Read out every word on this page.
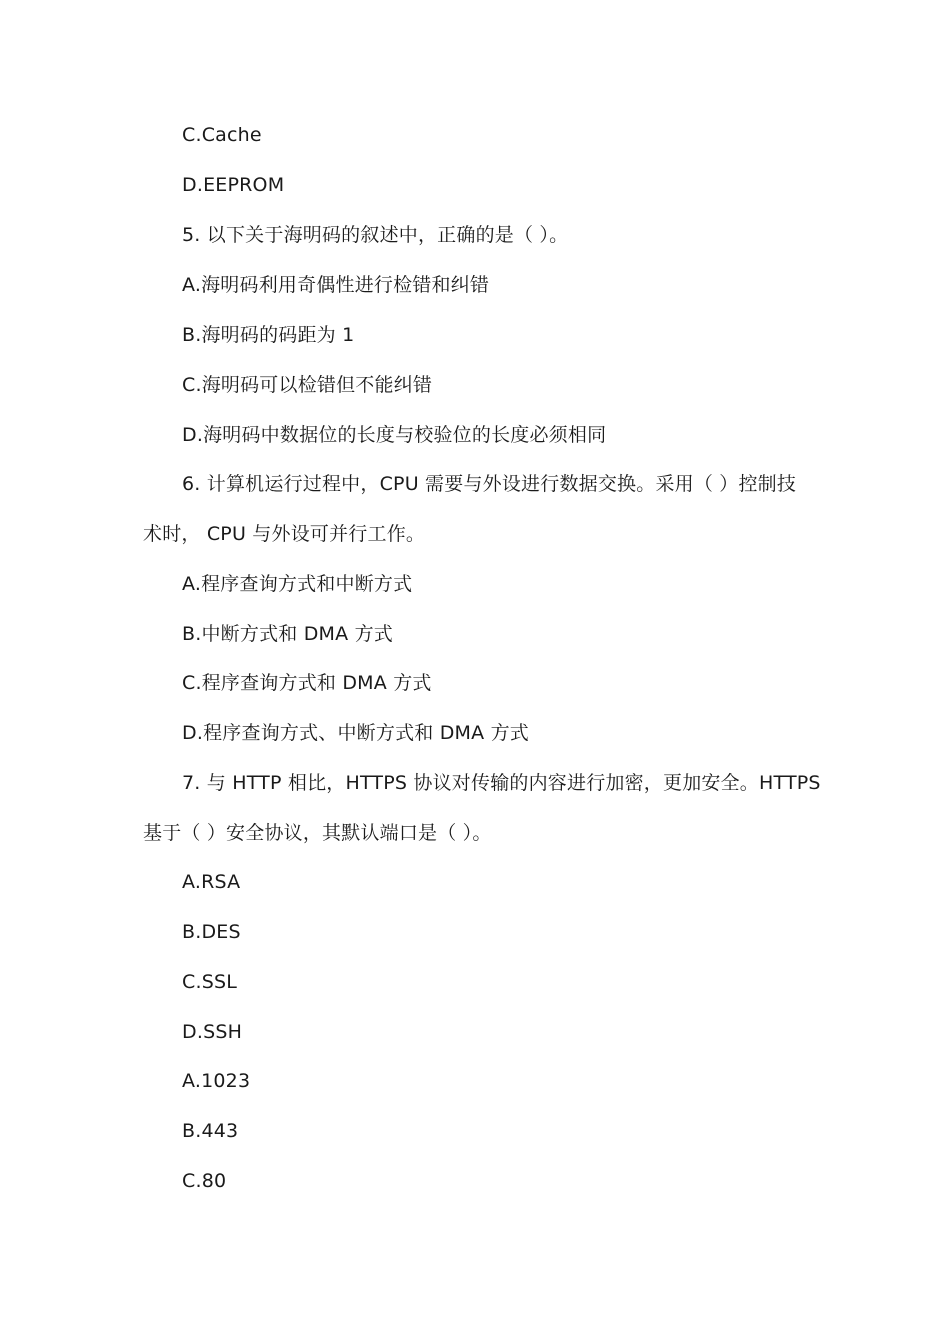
C.Cache
D.EEPROM
5. 以下关于海明码的叙述中，正确的是（ ）。
A.海明码利用奇偶性进行检错和纠错
B.海明码的码距为 1
C.海明码可以检错但不能纠错
D.海明码中数据位的长度与校验位的长度必须相同
6. 计算机运行过程中，CPU 需要与外设进行数据交换。采用（ ）控制技
术时， CPU 与外设可并行工作。
A.程序查询方式和中断方式
B.中断方式和 DMA 方式
C.程序查询方式和 DMA 方式
D.程序查询方式、中断方式和 DMA 方式
7. 与 HTTP 相比，HTTPS 协议对传输的内容进行加密，更加安全。HTTPS
基于（ ）安全协议，其默认端口是（ ）。
A.RSA
B.DES
C.SSL
D.SSH
A.1023
B.443
C.80
